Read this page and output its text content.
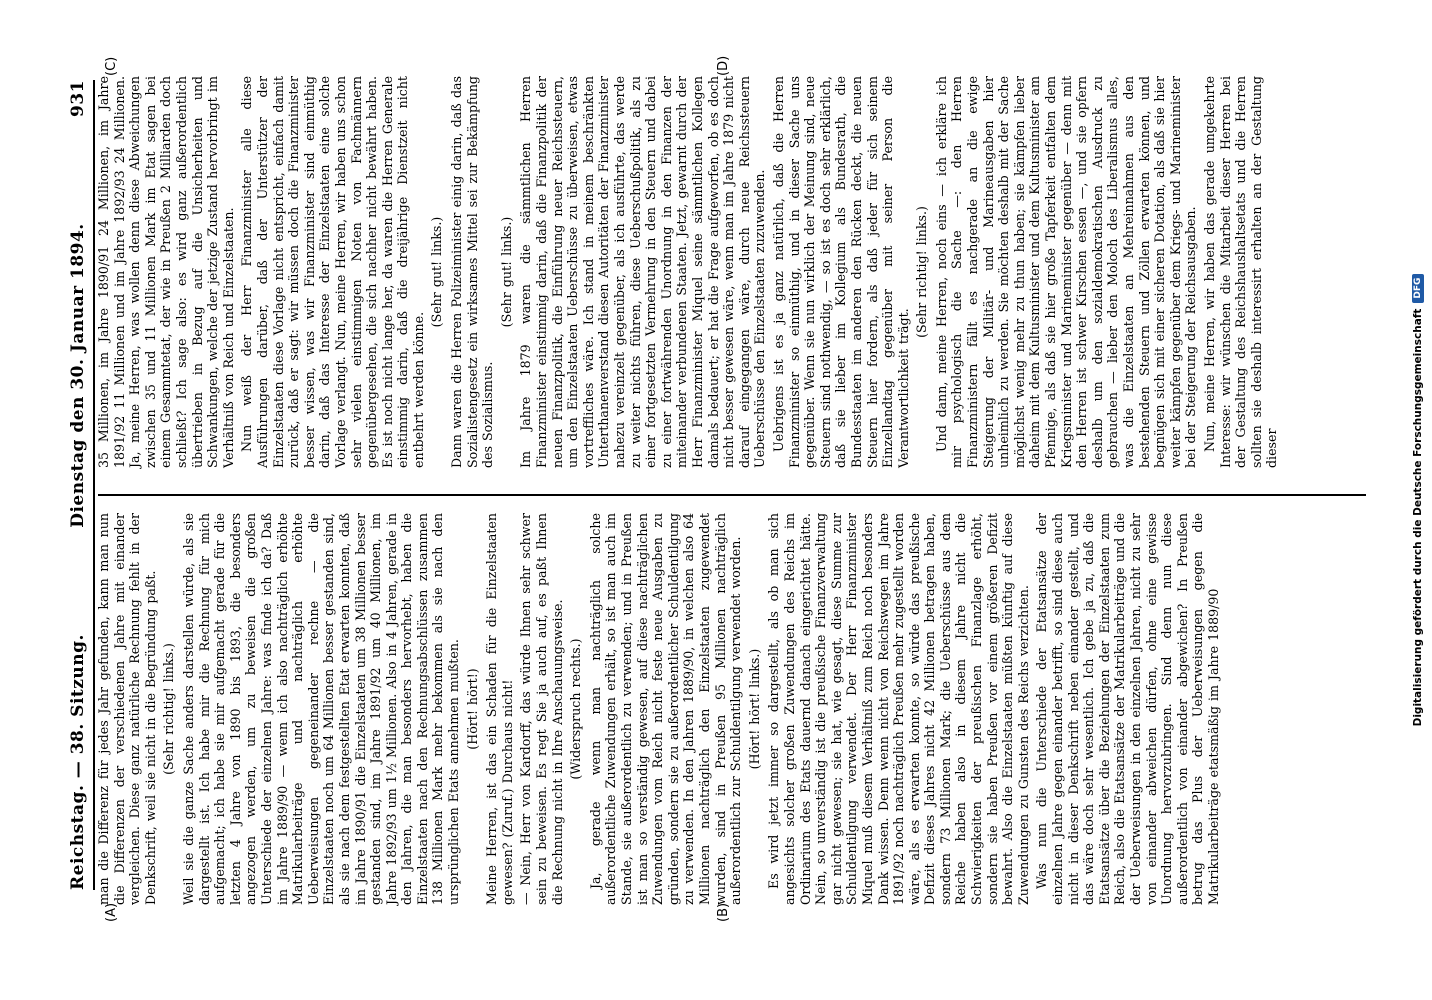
Reichstag. — 38. Sitzung.
Dienstag den 30. Januar 1894.
931
(A)	(B)
(C)	(D)

man die Differenz für jedes Jahr gefunden, kann man nun die Differenzen der verschiedenen Jahre mit einander vergleichen. Diese ganz natürliche Rechnung fehlt in der Denkschrift, weil sie nicht in die Begründung paßt. (Sehr richtig! links.) Weil sie die ganze Sache anders darstellen würde, als sie dargestellt ist. Ich habe mir die Rechnung für mich aufgemacht; ich habe sie mir aufgemacht gerade für die letzten 4 Jahre von 1890 bis 1893, die besonders angezogen werden, um zu beweisen die großen Unterschiede der einzelnen Jahre: was finde ich da? Daß im Jahre 1889/90 — wenn ich also nachträglich erhöhte Matrikularbeiträge und nachträglich erhöhte Ueberweisungen gegeneinander rechne — die Einzelstaaten noch um 64 Millionen besser gestanden sind, als sie nach dem festgestellten Etat erwarten konnten, daß im Jahre 1890/91 die Einzelstaaten um 38 Millionen besser gestanden sind, im Jahre 1891/92 um 40 Millionen, im Jahre 1892/93 um 1½ Millionen. Also in 4 Jahren, gerade in den Jahren, die man besonders hervorhebt, haben die Einzelstaaten nach den Rechnungsabschlüssen zusammen 138 Millionen Mark mehr bekommen als sie nach den ursprünglichen Etats annehmen mußten. (Hört! hört!) Meine Herren, ist das ein Schaden für die Einzelstaaten gewesen? (Zuruf.) Durchaus nicht! — Nein, Herr von Kardorff, das würde Ihnen sehr schwer sein zu beweisen. Es regt Sie ja auch auf, es paßt Ihnen die Rechnung nicht in Ihre Anschauungsweise. (Widerspruch rechts.) Ja, gerade wenn man nachträglich solche außerordentliche Zuwendungen erhält, so ist man auch im Stande, sie außerordentlich zu verwenden; und in Preußen ist man so verständig gewesen, auf diese nachträglichen Zuwendungen vom Reich nicht feste neue Ausgaben zu gründen, sondern sie zu außerordentlicher Schuldentilgung zu verwenden. In den Jahren 1889/90, in welchen also 64 Millionen nachträglich den Einzelstaaten zugewendet wurden, sind in Preußen 95 Millionen nachträglich außerordentlich zur Schuldentilgung verwendet worden. (Hört! hört! links.) Es wird jetzt immer so dargestellt, als ob man sich angesichts solcher großen Zuwendungen des Reichs im Ordinarium des Etats dauernd danach eingerichtet hätte. Nein, so unverständig ist die preußische Finanzverwaltung gar nicht gewesen; sie hat, wie gesagt, diese Summe zur Schuldentilgung verwendet. Der Herr Finanzminister Miquel muß diesem Verhältniß zum Reich noch besonders Dank wissen. Denn wenn nicht von Reichswegen im Jahre 1891/92 noch nachträglich Preußen mehr zugestellt worden wäre, als es erwarten konnte, so würde das preußische Defizit dieses Jahres nicht 42 Millionen betragen haben, sondern 73 Millionen Mark; die Ueberschüsse aus dem Reiche haben also in diesem Jahre nicht die Schwierigkeiten der preußischen Finanzlage erhöht, sondern sie haben Preußen vor einem größeren Defizit bewahrt. Also die Einzelstaaten müßten künftig auf diese Zuwendungen zu Gunsten des Reichs verzichten. Was nun die Unterschiede der Etatsansätze der einzelnen Jahre gegen einander betrifft, so sind diese auch nicht in dieser Denkschrift neben einander gestellt, und das wäre doch sehr wesentlich. Ich gebe ja zu, daß die Etatsansätze über die Beziehungen der Einzelstaaten zum Reich, also die Etatsansätze der Matrikularbeiträge und die der Ueberweisungen in den einzelnen Jahren, nicht zu sehr von einander abweichen dürfen, ohne eine gewisse Unordnung hervorzubringen. Sind denn nun diese außerordentlich von einander abgewichen? In Preußen betrug das Plus der Ueberweisungen gegen die Matrikularbeiträge etatsmäßig im Jahre 1889/90

35 Millionen, im Jahre 1890/91 24 Millionen, im Jahre 1891/92 11 Millionen und im Jahre 1892/93 24 Millionen. Ja, meine Herren, was wollen denn diese Abweichungen zwischen 35 und 11 Millionen Mark im Etat sagen bei einem Gesammtetat, der wie in Preußen 2 Milliarden doch schließt? Ich sage also: es wird ganz außerordentlich übertrieben in Bezug auf die Unsicherheiten und Schwankungen, welche der jetzige Zustand hervorbringt im Verhältniß von Reich und Einzelstaaten. Nun weiß der Herr Finanzminister alle diese Ausführungen darüber, daß der Unterstützer der Einzelstaaten diese Vorlage nicht entspricht, einfach damit zurück, daß er sagt: wir müssen doch die Finanzminister besser wissen, was wir Finanzminister sind einmüthig darin, daß das Interesse der Einzelstaaten eine solche Vorlage verlangt. Nun, meine Herren, wir haben uns schon sehr vielen einstimmigen Noten von Fachmännern gegenübergesehen, die sich nachher nicht bewährt haben. Es ist noch nicht lange her, da waren die Herren Generale einstimmig darin, daß die dreijährige Dienstzeit nicht entbehrt werden könne.

(Sehr gut! links.) Dann waren die Herren Polizeiminister einig darin, daß das Sozialistengesetz ein wirksames Mittel sei zur Bekämpfung des Sozialismus.

(Sehr gut! links.) Im Jahre 1879 waren die sämmtlichen Herren Finanzminister einstimmig darin, daß die Finanzpolitik der neuen Finanzpolitik, die Einführung neuer Reichssteuern, um den Einzelstaaten Ueberschüsse zu überweisen, etwas vortreffliches wäre. Ich stand in meinem beschränkten Unterthanenverstand diesen Autoritäten der Finanzminister nahezu vereinzelt gegenüber, als ich ausführte, das werde zu weiter nichts führen, diese Ueberschußpolitik, als zu einer fortgesetzten Vermehrung in den Steuern und dabei zu einer fortwährenden Unordnung in den Finanzen der miteinander verbundenen Staaten. Jetzt, gewarnt durch der Herr Finanzminister Miquel seine sämmtlichen Kollegen damals bedauert; er hat die Frage aufgeworfen, ob es doch nicht besser gewesen wäre, wenn man im Jahre 1879 nicht darauf eingegangen wäre, durch neue Reichssteuern Ueberschüsse den Einzelstaaten zuzuwenden. Uebrigens ist es ja ganz natürlich, daß die Herren Finanzminister so einmüthig, und in dieser Sache uns gegenüber. Wenn sie nun wirklich der Meinung sind, neue Steuern sind nothwendig, — so ist es doch sehr erklärlich, daß sie lieber im Kollegium als Bundesrath, die Bundesstaaten im anderen den Rücken deckt, die neuen Steuern hier fordern, als daß jeder für sich seinem Einzellandtag gegenüber mit seiner Person die Verantwortlichkeit trägt.

(Sehr richtig! links.) Und dann, meine Herren, noch eins — ich erkläre ich mir psychologisch die Sache —: den Herren Finanzministern fällt es nachgerade an die ewige Steigerung der Militär- und Marineausgaben hier unheimlich zu werden. Sie möchten deshalb mit der Sache möglichst wenig mehr zu thun haben; sie kämpfen lieber daheim mit dem Kultusminister und dem Kultusminister am Pfennige, als daß sie hier große Tapferkeit entfalten dem Kriegsminister und Marineminister gegenüber — denn mit den Herren ist schwer Kirschen essen —, und sie opfern deshalb um den sozialdemokratischen Ausdruck zu gebrauchen — lieber den Moloch des Liberalismus alles, was die Einzelstaaten an Mehreinnahmen aus den bestehenden Steuern und Zöllen erwarten können, und begnügen sich mit einer sicheren Dotation, als daß sie hier weiter kämpfen gegenüber dem Kriegs- und Marineminister bei der Steigerung der Reichsausgaben. Nun, meine Herren, wir haben das gerade umgekehrte Interesse: wir wünschen die Mitarbeit dieser Herren bei der Gestaltung des Reichshaushaltsetats und die Herren sollten sie deshalb interessirt erhalten an der Gestaltung dieser	Digitalisierung gefördert durch die Deutsche Forschungsgemeinschaft
DFG
